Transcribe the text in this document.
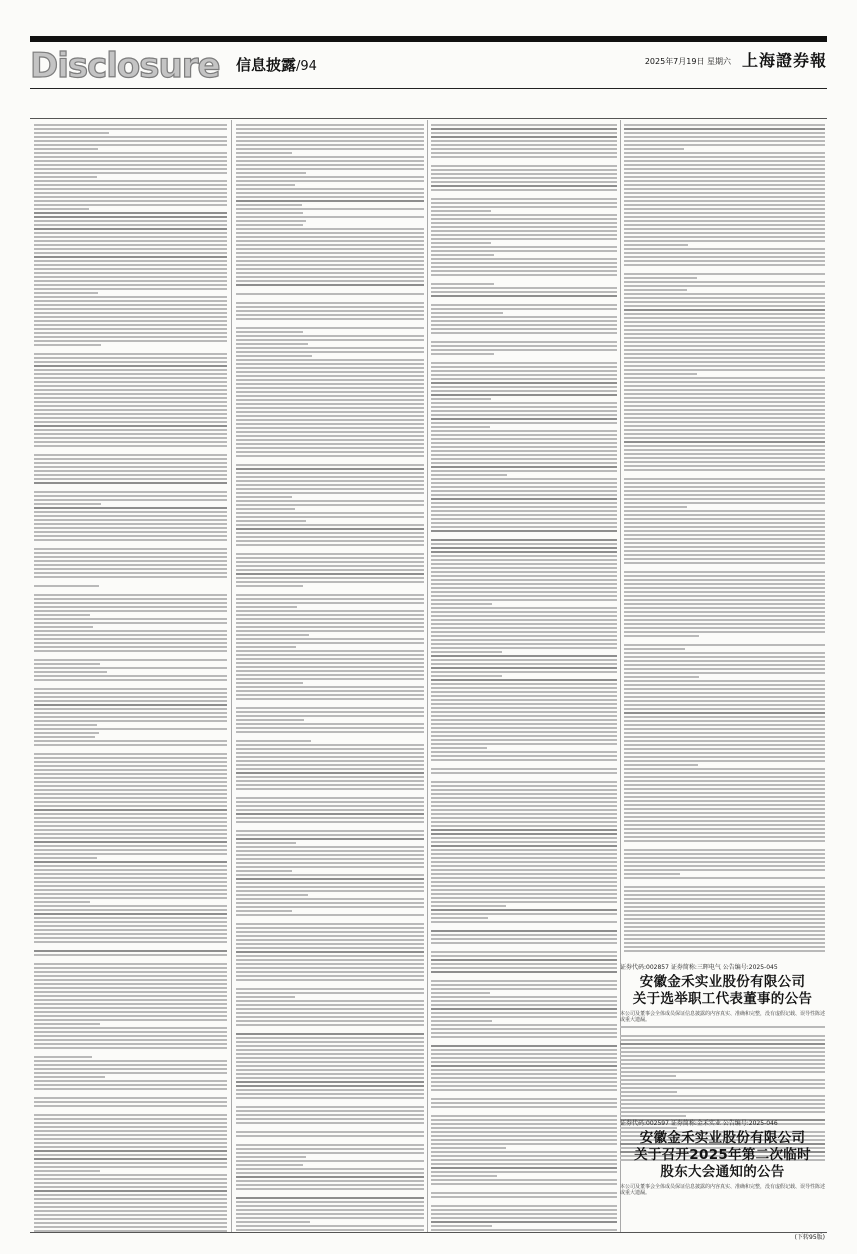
Disclosure 信息披露/94	2025年7月19日 星期六 上海證券報
证券代码:002857 证券简称:三晖电气 公告编号:2025-045
安徽金禾实业股份有限公司
关于选举职工代表董事的公告
本公司及董事会全体成员保证信息披露的内容真实、准确和完整，没有虚假记载、误导性陈述或重大遗漏。
证券代码:002597 证券简称:金禾实业 公告编号:2025-046
安徽金禾实业股份有限公司
关于召开2025年第二次临时
股东大会通知的公告
本公司及董事会全体成员保证信息披露的内容真实、准确和完整，没有虚假记载、误导性陈述或重大遗漏。
(下转95版)
